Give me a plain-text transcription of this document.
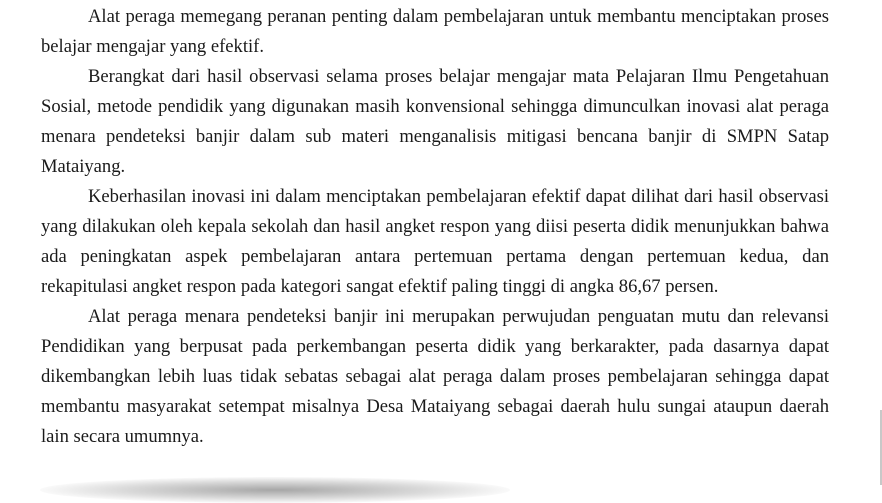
Alat peraga memegang peranan penting dalam pembelajaran untuk membantu menciptakan proses belajar mengajar yang efektif.

Berangkat dari hasil observasi selama proses belajar mengajar mata Pelajaran Ilmu Pengetahuan Sosial, metode pendidik yang digunakan masih konvensional sehingga dimunculkan inovasi alat peraga menara pendeteksi banjir dalam sub materi menganalisis mitigasi bencana banjir di SMPN Satap Mataiyang.

Keberhasilan inovasi ini dalam menciptakan pembelajaran efektif dapat dilihat dari hasil observasi yang dilakukan oleh kepala sekolah dan hasil angket respon yang diisi peserta didik menunjukkan bahwa ada peningkatan aspek pembelajaran antara pertemuan pertama dengan pertemuan kedua, dan rekapitulasi angket respon pada kategori sangat efektif paling tinggi di angka 86,67 persen.

Alat peraga menara pendeteksi banjir ini merupakan perwujudan penguatan mutu dan relevansi Pendidikan yang berpusat pada perkembangan peserta didik yang berkarakter, pada dasarnya dapat dikembangkan lebih luas tidak sebatas sebagai alat peraga dalam proses pembelajaran sehingga dapat membantu masyarakat setempat misalnya Desa Mataiyang sebagai daerah hulu sungai ataupun daerah lain secara umumnya.
